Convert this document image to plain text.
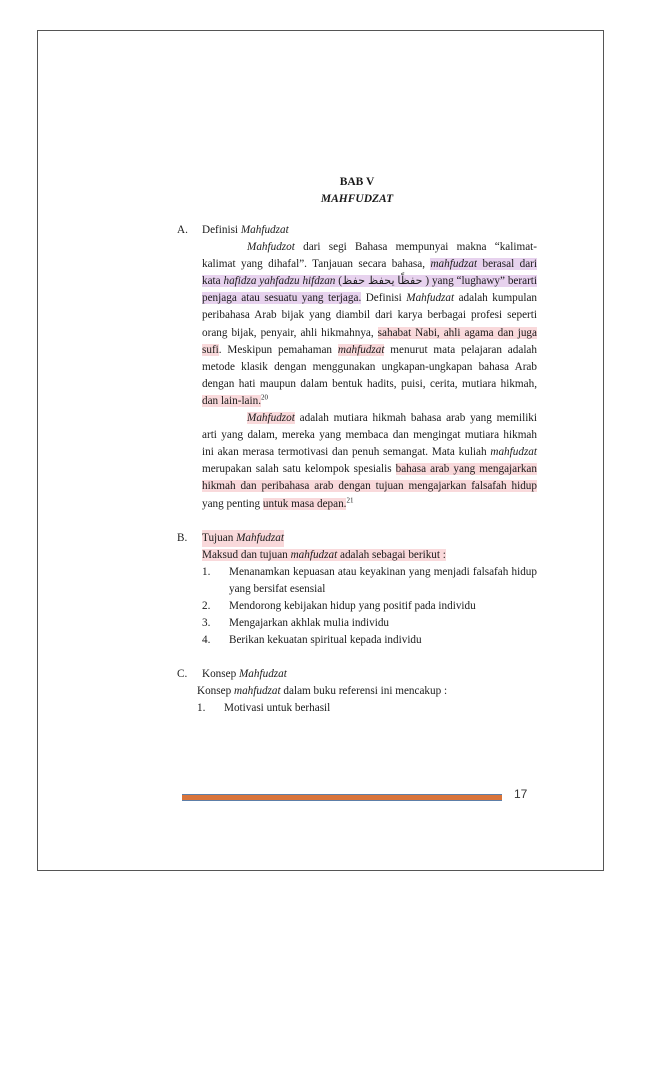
BAB V
MAHFUDZAT
A.	Definisi Mahfudzat

Mahfudzot dari segi Bahasa mempunyai makna “kalimat-kalimat yang dihafal”. Tanjauan secara bahasa, mahfudzat berasal dari kata hafidza yahfadzu hifdzan (حفظًا يحفظ حفظ ) yang “lughawy” berarti penjaga atau sesuatu yang terjaga. Definisi Mahfudzat adalah kumpulan peribahasa Arab bijak yang diambil dari karya berbagai profesi seperti orang bijak, penyair, ahli hikmahnya, sahabat Nabi, ahli agama dan juga sufi. Meskipun pemahaman mahfudzat menurut mata pelajaran adalah metode klasik dengan menggunakan ungkapan-ungkapan bahasa Arab dengan hati maupun dalam bentuk hadits, puisi, cerita, mutiara hikmah, dan lain-lain.$^{20}$

Mahfudzot adalah mutiara hikmah bahasa arab yang memiliki arti yang dalam, mereka yang membaca dan mengingat mutiara hikmah ini akan merasa termotivasi dan penuh semangat. Mata kuliah mahfudzat merupakan salah satu kelompok spesialis bahasa arab yang mengajarkan hikmah dan peribahasa arab dengan tujuan mengajarkan falsafah hidup yang penting untuk masa depan.$^{21}$

B.	Tujuan Mahfudzat

Maksud dan tujuan mahfudzat adalah sebagai berikut :

1.	Menanamkan kepuasan atau keyakinan yang menjadi falsafah hidup yang bersifat esensial
2.	Mendorong kebijakan hidup yang positif pada individu
3.	Mengajarkan akhlak mulia individu
4.	Berikan kekuatan spiritual kepada individu
C.	Konsep Mahfudzat

Konsep mahfudzat dalam buku referensi ini mencakup :

1.	Motivasi untuk berhasil
17
